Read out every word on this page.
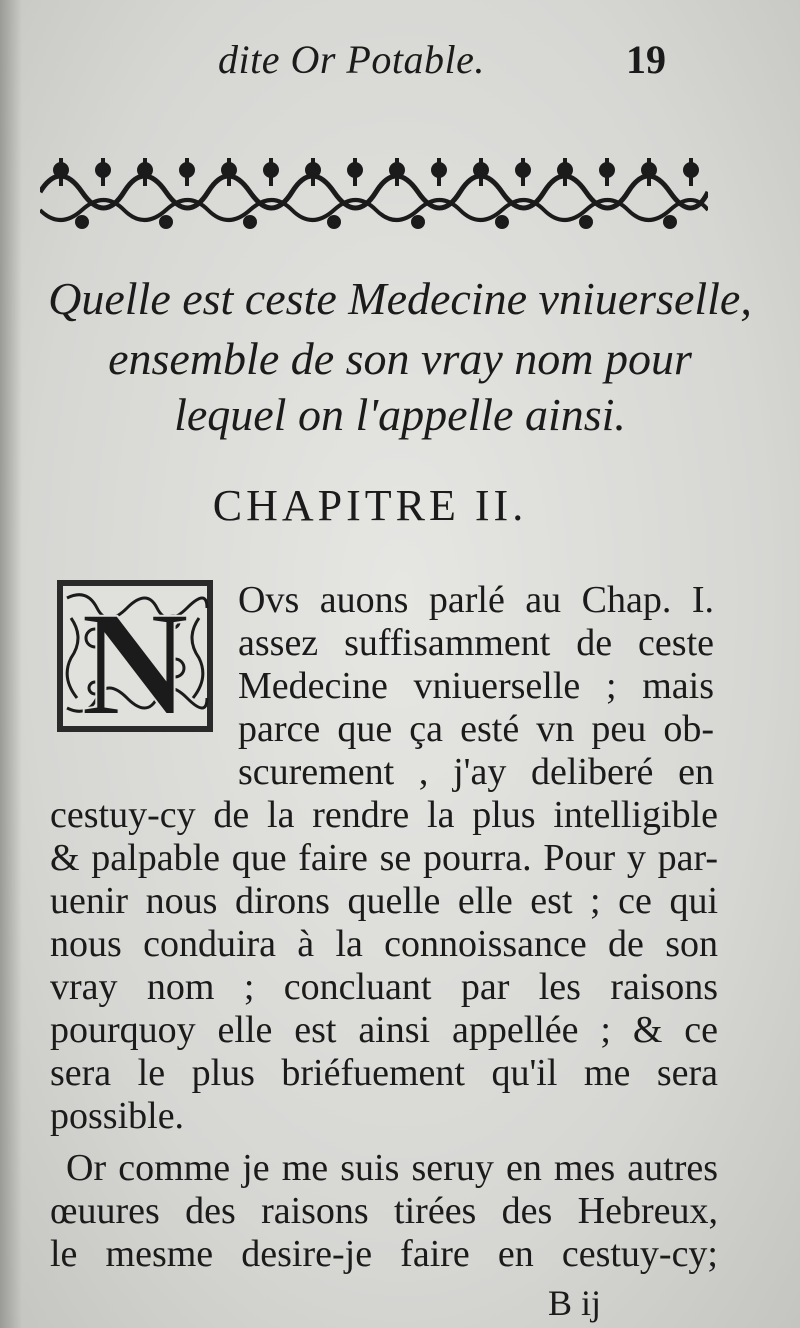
dite Or Potable.	19
Quelle est ceste Medecine vniuerselle,
ensemble de son vray nom pour
lequel on l'appelle ainsi.
CHAPITRE II.
N Ovs auons parlé au Chap. I.
assez suffisamment de ceste
Medecine vniuerselle ; mais
parce que ça esté vn peu ob-
scurement , j'ay deliberé en
cestuy-cy de la rendre la plus intelligible
& palpable que faire se pourra. Pour y par-
uenir nous dirons quelle elle est ; ce qui
nous conduira à la connoissance de son
vray nom ; concluant par les raisons
pourquoy elle est ainsi appellée ; & ce
sera le plus briéfuement qu'il me sera
possible.
Or comme je me suis seruy en mes autres
œuures des raisons tirées des Hebreux,
le mesme desire-je faire en cestuy-cy;
B ij
